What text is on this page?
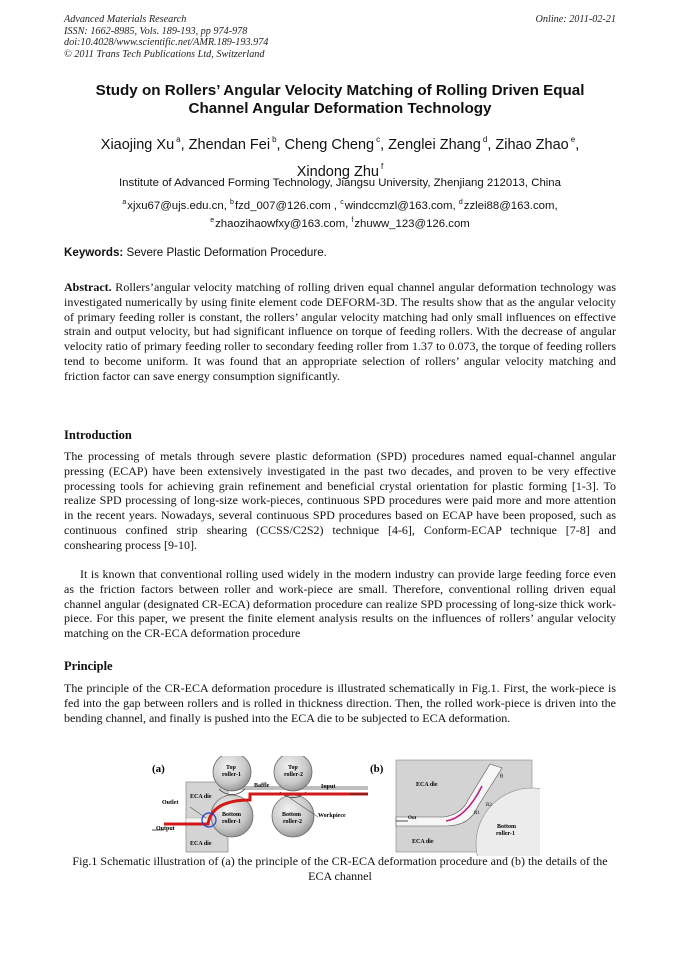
Advanced Materials Research
ISSN: 1662-8985, Vols. 189-193, pp 974-978
doi:10.4028/www.scientific.net/AMR.189-193.974
© 2011 Trans Tech Publications Ltd, Switzerland
Online: 2011-02-21
Study on Rollers’ Angular Velocity Matching of Rolling Driven Equal Channel Angular Deformation Technology
Xiaojing Xu $^a$, Zhendan Fei $^b$, Cheng Cheng $^c$, Zenglei Zhang $^d$, Zihao Zhao $^e$,
Xindong Zhu $^f$
Institute of Advanced Forming Technology, Jiangsu University, Zhenjiang 212013, China
$^a$xjxu67@ujs.edu.cn, $^b$fzd_007@126.com , $^c$windccmzl@163.com, $^d$zzlei88@163.com,
$^e$zhaozihaowfxy@163.com, $^f$zhuww_123@126.com
Keywords: Severe Plastic Deformation Procedure.
Abstract. Rollers’angular velocity matching of rolling driven equal channel angular deformation technology was investigated numerically by using finite element code DEFORM-3D. The results show that as the angular velocity of primary feeding roller is constant, the rollers’ angular velocity matching had only small influences on effective strain and output velocity, but had significant influence on torque of feeding rollers. With the decrease of angular velocity ratio of primary feeding roller to secondary feeding roller from 1.37 to 0.073, the torque of feeding rollers tend to become uniform. It was found that an appropriate selection of rollers’ angular velocity matching and friction factor can save energy consumption significantly.
Introduction
The processing of metals through severe plastic deformation (SPD) procedures named equal-channel angular pressing (ECAP) have been extensively investigated in the past two decades, and proven to be very effective processing tools for achieving grain refinement and beneficial crystal orientation for plastic forming [1-3]. To realize SPD processing of long-size work-pieces, continuous SPD procedures were paid more and more attention in the recent years. Nowadays, several continuous SPD procedures based on ECAP have been proposed, such as continuous confined strip shearing (CCSS/C2S2) technique [4-6], Conform-ECAP technique [7-8] and conshearing process [9-10].
It is known that conventional rolling used widely in the modern industry can provide large feeding force even as the friction factors between roller and work-piece are small. Therefore, conventional rolling driven equal channel angular (designated CR-ECA) deformation procedure can realize SPD processing of long-size thick work-piece. For this paper, we present the finite element analysis results on the influences of rollers’ angular velocity matching on the CR-ECA deformation procedure
Principle
The principle of the CR-ECA deformation procedure is illustrated schematically in Fig.1. First, the work-piece is fed into the gap between rollers and is rolled in thickness direction. Then, the rolled work-piece is driven into the bending channel, and finally is pushed into the ECA die to be subjected to ECA deformation.
(a)	Top roller-1
Top roller-2
Bottom roller-1
Bottom roller-2
Baffle	Input
Outlet
Output
ECA die
ECA die
Workpiece
(b)
ECA die
ECA die
Bottom roller-1
Out
R1
R2
θ
Fig.1 Schematic illustration of (a) the principle of the CR-ECA deformation procedure and (b) the details of the ECA channel
